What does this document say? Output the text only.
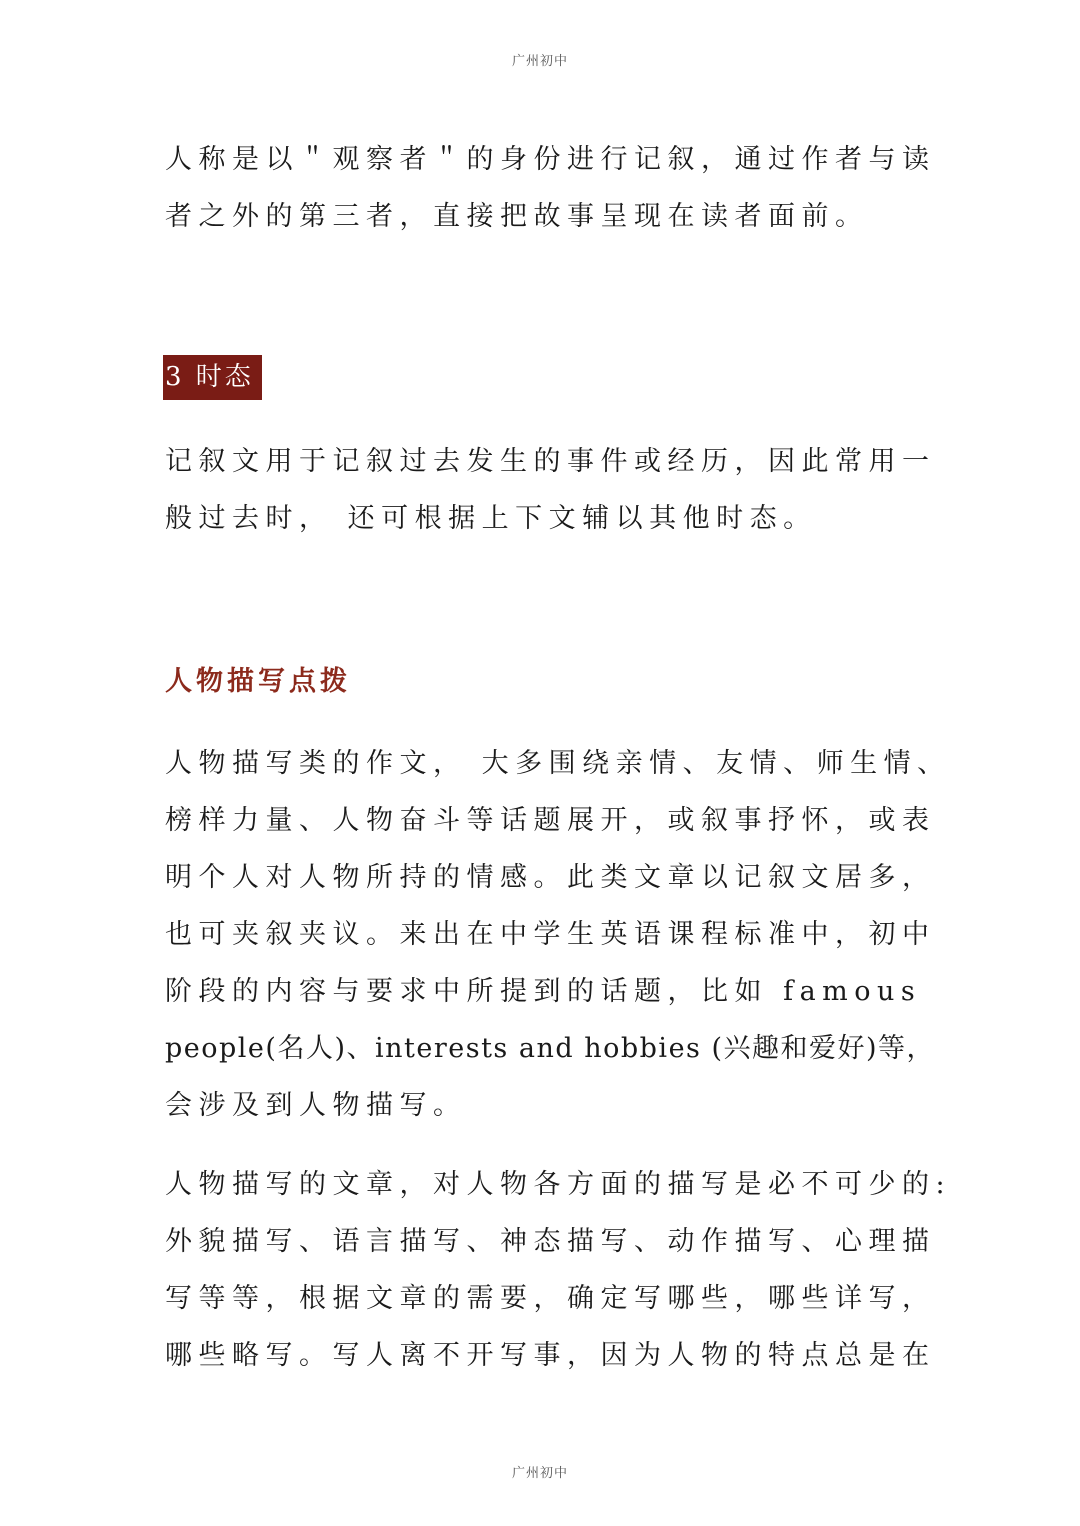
广州初中

人称是以＂观察者＂的身份进行记叙，通过作者与读
者之外的第三者，直接把故事呈现在读者面前。

3 时态

记叙文用于记叙过去发生的事件或经历，因此常用一
般过去时， 还可根据上下文辅以其他时态。

人物描写点拨

人物描写类的作文， 大多围绕亲情、友情、师生情、
榜样力量、人物奋斗等话题展开，或叙事抒怀，或表
明个人对人物所持的情感。此类文章以记叙文居多，
也可夹叙夹议。来出在中学生英语课程标准中，初中
阶段的内容与要求中所提到的话题，比如 famous
people(名人)、interests and hobbies (兴趣和爱好)等，
会涉及到人物描写。

人物描写的文章，对人物各方面的描写是必不可少的:
外貌描写、语言描写、神态描写、动作描写、心理描
写等等，根据文章的需要，确定写哪些，哪些详写，
哪些略写。写人离不开写事，因为人物的特点总是在

广州初中
